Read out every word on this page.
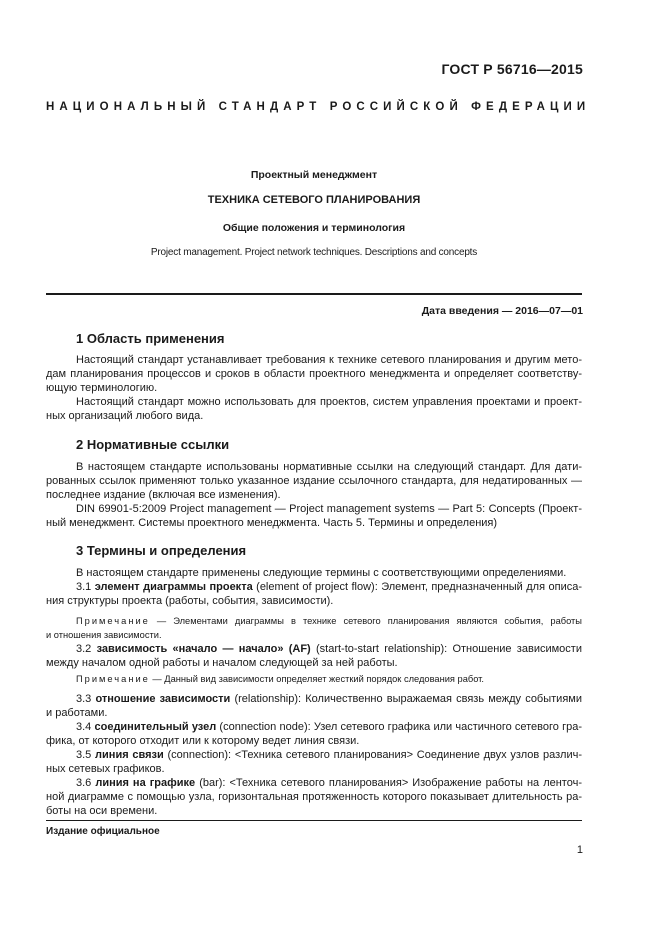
ГОСТ Р 56716—2015
НАЦИОНАЛЬНЫЙ СТАНДАРТ РОССИЙСКОЙ ФЕДЕРАЦИИ
Проектный менеджмент
ТЕХНИКА СЕТЕВОГО ПЛАНИРОВАНИЯ
Общие положения и терминология
Project management. Project network techniques. Descriptions and concepts
Дата введения — 2016—07—01
1 Область применения
Настоящий стандарт устанавливает требования к технике сетевого планирования и другим мето-
дам планирования процессов и сроков в области проектного менеджмента и определяет соответству-
ющую терминологию.
Настоящий стандарт можно использовать для проектов, систем управления проектами и проект-
ных организаций любого вида.
2 Нормативные ссылки
В настоящем стандарте использованы нормативные ссылки на следующий стандарт. Для дати-
рованных ссылок применяют только указанное издание ссылочного стандарта, для недатированных —
последнее издание (включая все изменения).
DIN 69901-5:2009 Project management — Project management systems — Part 5: Concepts (Проект-
ный менеджмент. Системы проектного менеджмента. Часть 5. Термины и определения)
3 Термины и определения
В настоящем стандарте применены следующие термины с соответствующими определениями.
3.1 элемент диаграммы проекта (element of project flow): Элемент, предназначенный для описа-
ния структуры проекта (работы, события, зависимости).
Примечание — Элементами диаграммы в технике сетевого планирования являются события, работы
и отношения зависимости.
3.2 зависимость «начало — начало» (AF) (start-to-start relationship): Отношение зависимости
между началом одной работы и началом следующей за ней работы.
Примечание — Данный вид зависимости определяет жесткий порядок следования работ.
3.3 отношение зависимости (relationship): Количественно выражаемая связь между событиями
и работами.
3.4 соединительный узел (connection node): Узел сетевого графика или частичного сетевого гра-
фика, от которого отходит или к которому ведет линия связи.
3.5 линия связи (connection): <Техника сетевого планирования> Соединение двух узлов различ-
ных сетевых графиков.
3.6 линия на графике (bar): <Техника сетевого планирования> Изображение работы на ленточ-
ной диаграмме с помощью узла, горизонтальная протяженность которого показывает длительность ра-
боты на оси времени.
Издание официальное
1
